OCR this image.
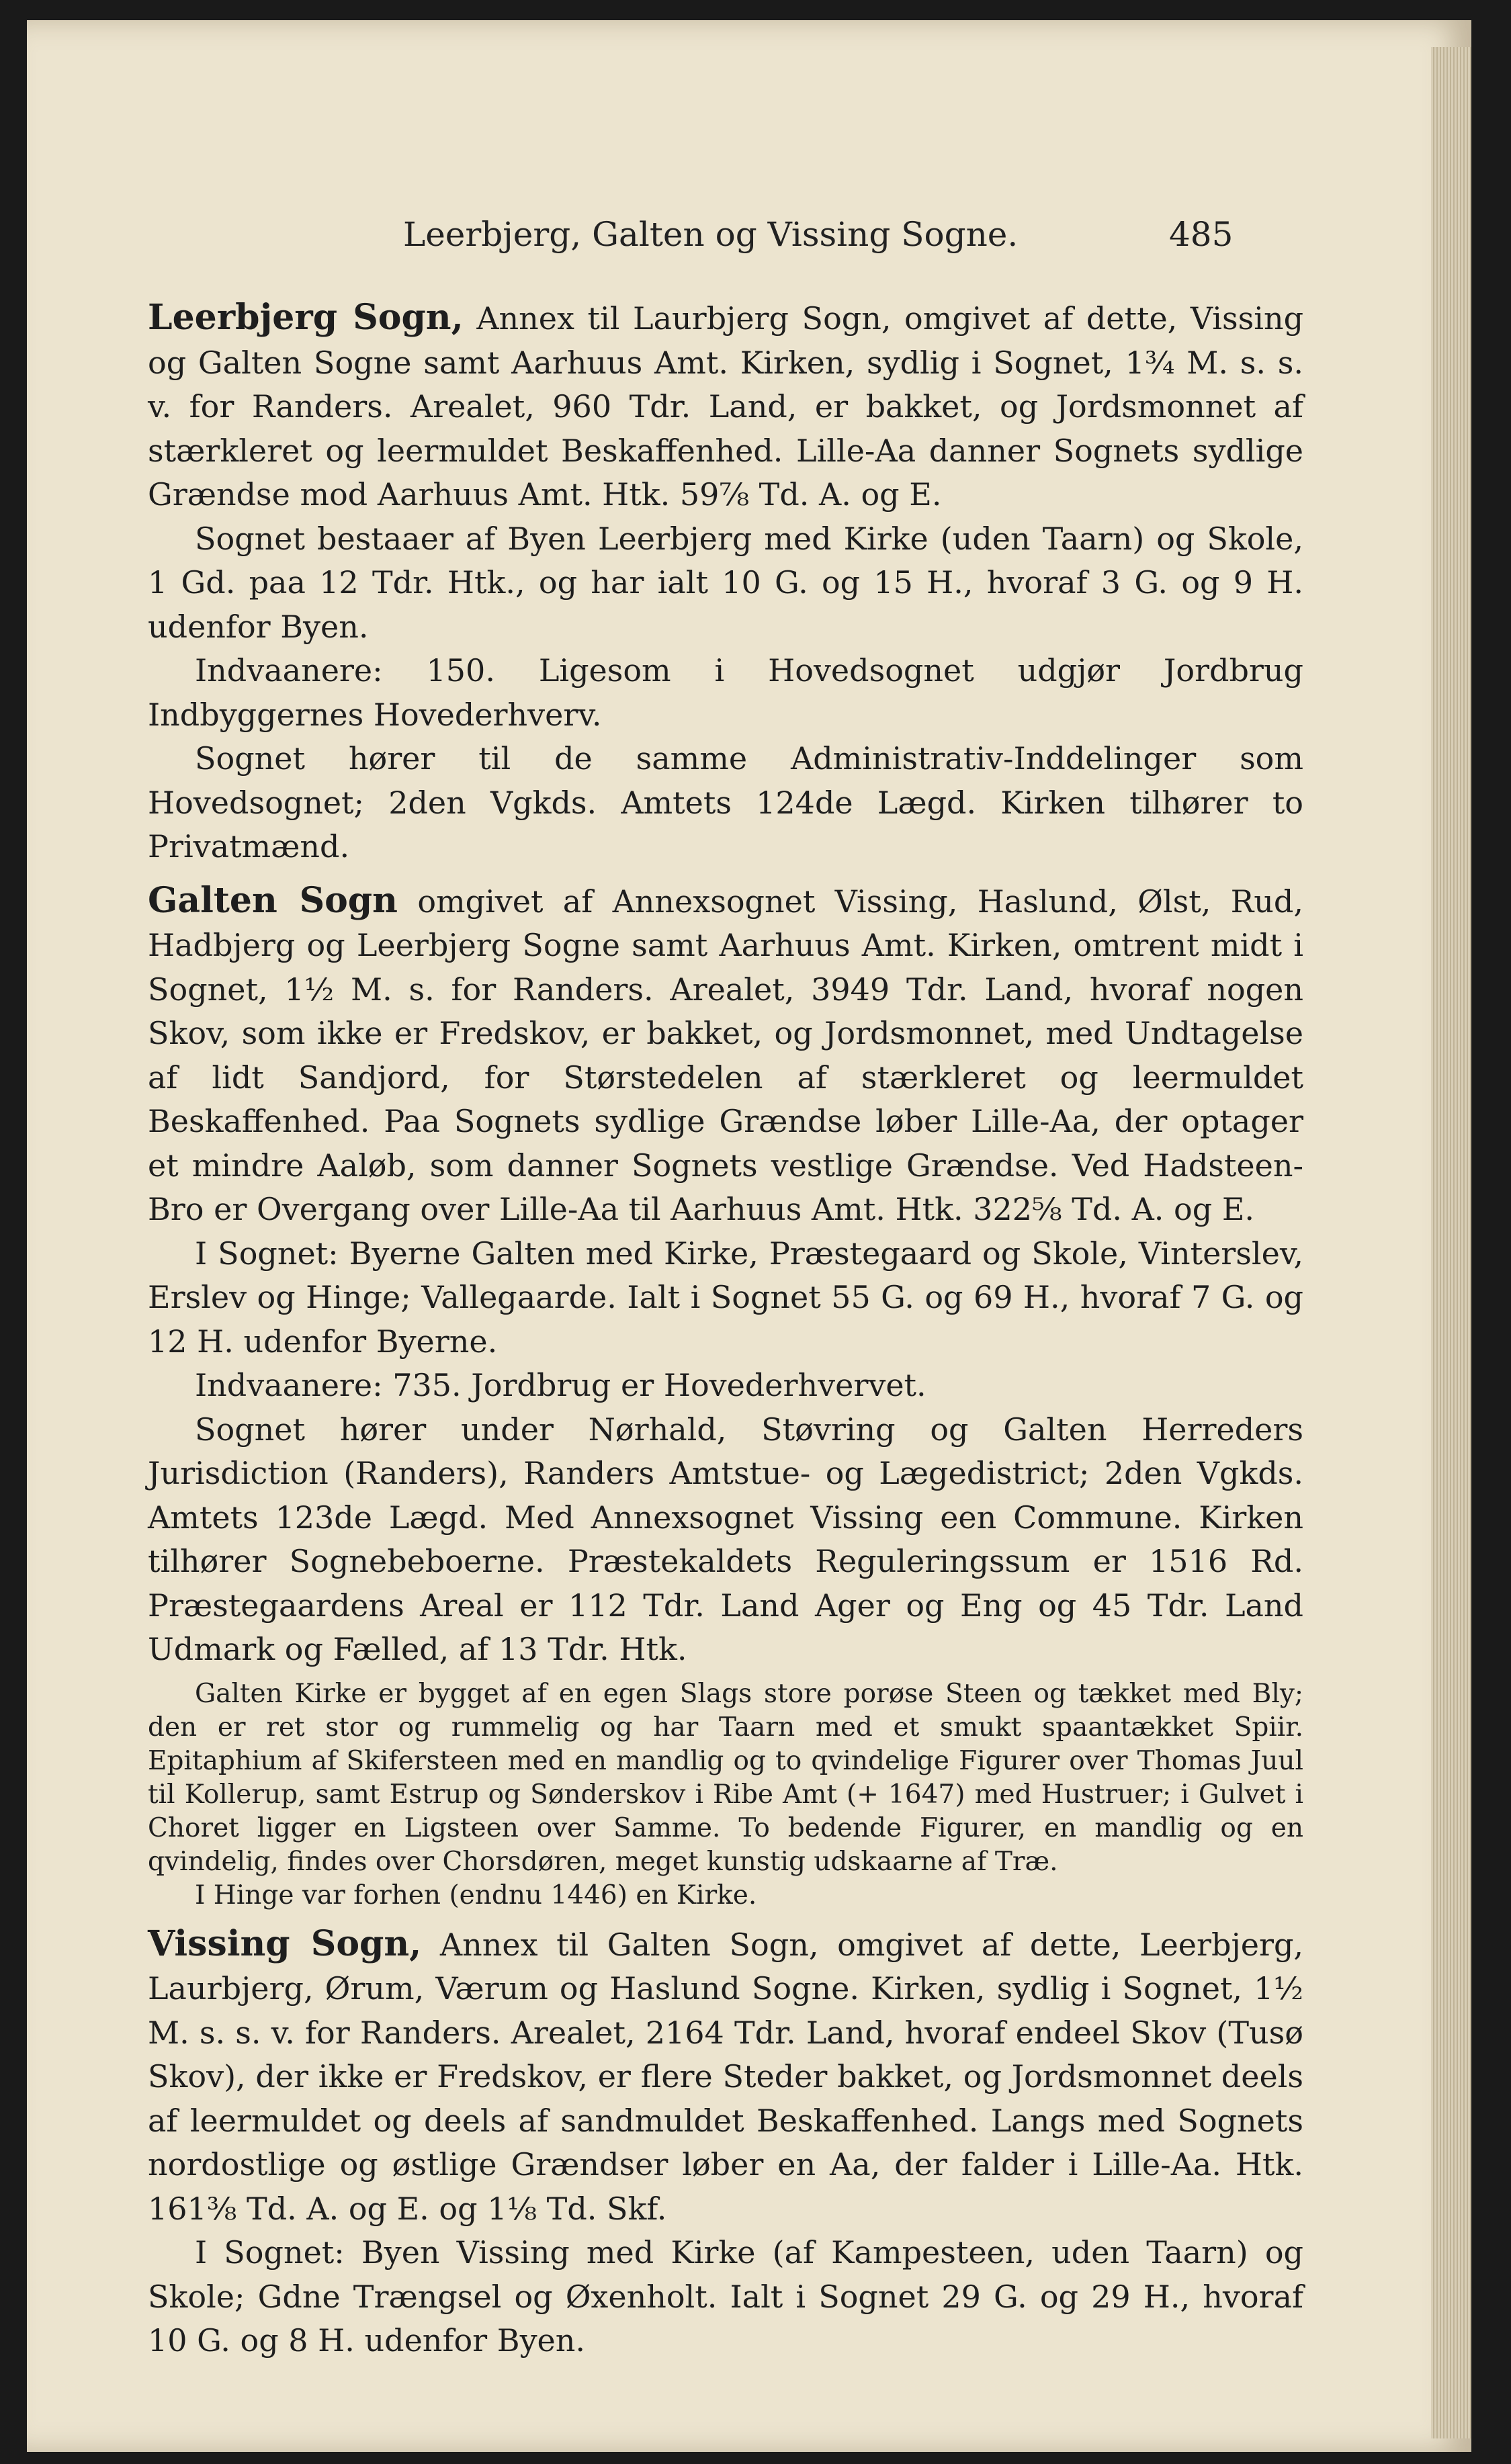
Leerbjerg, Galten og Vissing Sogne.	485

Leerbjerg Sogn, Annex til Laurbjerg Sogn, omgivet af dette, Vissing og Galten Sogne samt Aarhuus Amt. Kirken, sydlig i Sognet, 1¾ M. s. s. v. for Randers. Arealet, 960 Tdr. Land, er bakket, og Jordsmonnet af stærkleret og leermuldet Beskaffenhed. Lille-Aa danner Sognets sydlige Grændse mod Aarhuus Amt. Htk. 59⅞ Td. A. og E.

Sognet bestaaer af Byen Leerbjerg med Kirke (uden Taarn) og Skole, 1 Gd. paa 12 Tdr. Htk., og har ialt 10 G. og 15 H., hvoraf 3 G. og 9 H. udenfor Byen.

Indvaanere: 150. Ligesom i Hovedsognet udgjør Jordbrug Indbyggernes Hovederhverv.

Sognet hører til de samme Administrativ-Inddelinger som Hovedsognet; 2den Vgkds. Amtets 124de Lægd. Kirken tilhører to Privatmænd.

Galten Sogn omgivet af Annexsognet Vissing, Haslund, Ølst, Rud, Hadbjerg og Leerbjerg Sogne samt Aarhuus Amt. Kirken, omtrent midt i Sognet, 1½ M. s. for Randers. Arealet, 3949 Tdr. Land, hvoraf nogen Skov, som ikke er Fredskov, er bakket, og Jordsmonnet, med Undtagelse af lidt Sandjord, for Størstedelen af stærkleret og leermuldet Beskaffenhed. Paa Sognets sydlige Grændse løber Lille-Aa, der optager et mindre Aaløb, som danner Sognets vestlige Grændse. Ved Hadsteen-Bro er Overgang over Lille-Aa til Aarhuus Amt. Htk. 322⅝ Td. A. og E.

I Sognet: Byerne Galten med Kirke, Præstegaard og Skole, Vinterslev, Erslev og Hinge; Vallegaarde. Ialt i Sognet 55 G. og 69 H., hvoraf 7 G. og 12 H. udenfor Byerne.

Indvaanere: 735. Jordbrug er Hovederhvervet.

Sognet hører under Nørhald, Støvring og Galten Herreders Jurisdiction (Randers), Randers Amtstue- og Lægedistrict; 2den Vgkds. Amtets 123de Lægd. Med Annexsognet Vissing een Commune. Kirken tilhører Sognebeboerne. Præstekaldets Reguleringssum er 1516 Rd. Præstegaardens Areal er 112 Tdr. Land Ager og Eng og 45 Tdr. Land Udmark og Fælled, af 13 Tdr. Htk.

Galten Kirke er bygget af en egen Slags store porøse Steen og tækket med Bly; den er ret stor og rummelig og har Taarn med et smukt spaantækket Spiir. Epitaphium af Skifersteen med en mandlig og to qvindelige Figurer over Thomas Juul til Kollerup, samt Estrup og Sønderskov i Ribe Amt (+ 1647) med Hustruer; i Gulvet i Choret ligger en Ligsteen over Samme. To bedende Figurer, en mandlig og en qvindelig, findes over Chorsdøren, meget kunstig udskaarne af Træ.

I Hinge var forhen (endnu 1446) en Kirke.

Vissing Sogn, Annex til Galten Sogn, omgivet af dette, Leerbjerg, Laurbjerg, Ørum, Værum og Haslund Sogne. Kirken, sydlig i Sognet, 1½ M. s. s. v. for Randers. Arealet, 2164 Tdr. Land, hvoraf endeel Skov (Tusø Skov), der ikke er Fredskov, er flere Steder bakket, og Jordsmonnet deels af leermuldet og deels af sandmuldet Beskaffenhed. Langs med Sognets nordostlige og østlige Grændser løber en Aa, der falder i Lille-Aa. Htk. 161⅜ Td. A. og E. og 1⅛ Td. Skf.

I Sognet: Byen Vissing med Kirke (af Kampesteen, uden Taarn) og Skole; Gdne Trængsel og Øxenholt. Ialt i Sognet 29 G. og 29 H., hvoraf 10 G. og 8 H. udenfor Byen.
